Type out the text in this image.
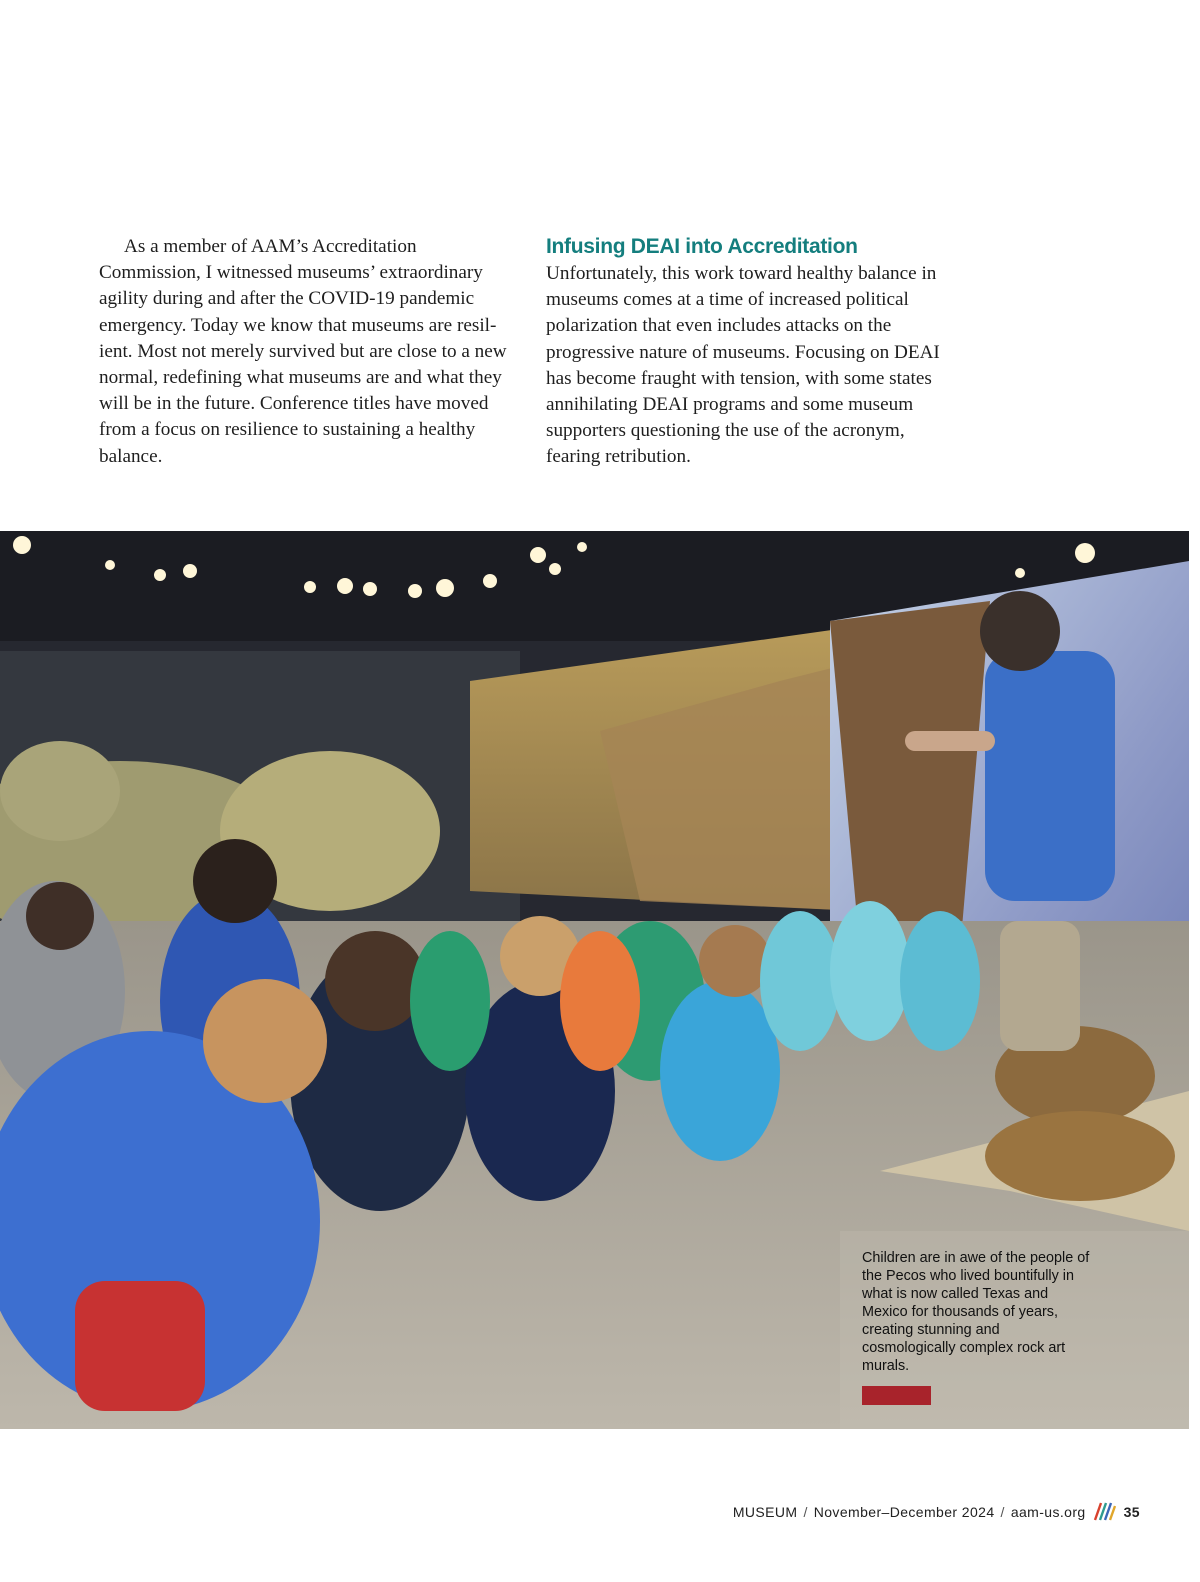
As a member of AAM’s Accreditation Commission, I witnessed museums’ extraordinary agility during and after the COVID-19 pandemic emergency. Today we know that museums are resil-ient. Most not merely survived but are close to a new normal, redefining what museums are and what they will be in the future. Conference titles have moved from a focus on resilience to sustaining a healthy balance.

Infusing DEAI into Accreditation

Unfortunately, this work toward healthy balance in museums comes at a time of increased political polarization that even includes attacks on the progressive nature of museums. Focusing on DEAI has become fraught with tension, with some states annihilating DEAI programs and some museum supporters questioning the use of the acronym, fearing retribution.

Children are in awe of the people of the Pecos who lived bountifully in what is now called Texas and Mexico for thousands of years, creating stunning and cosmologically complex rock art murals.

MUSEUM / November–December 2024 / aam-us.org	35
